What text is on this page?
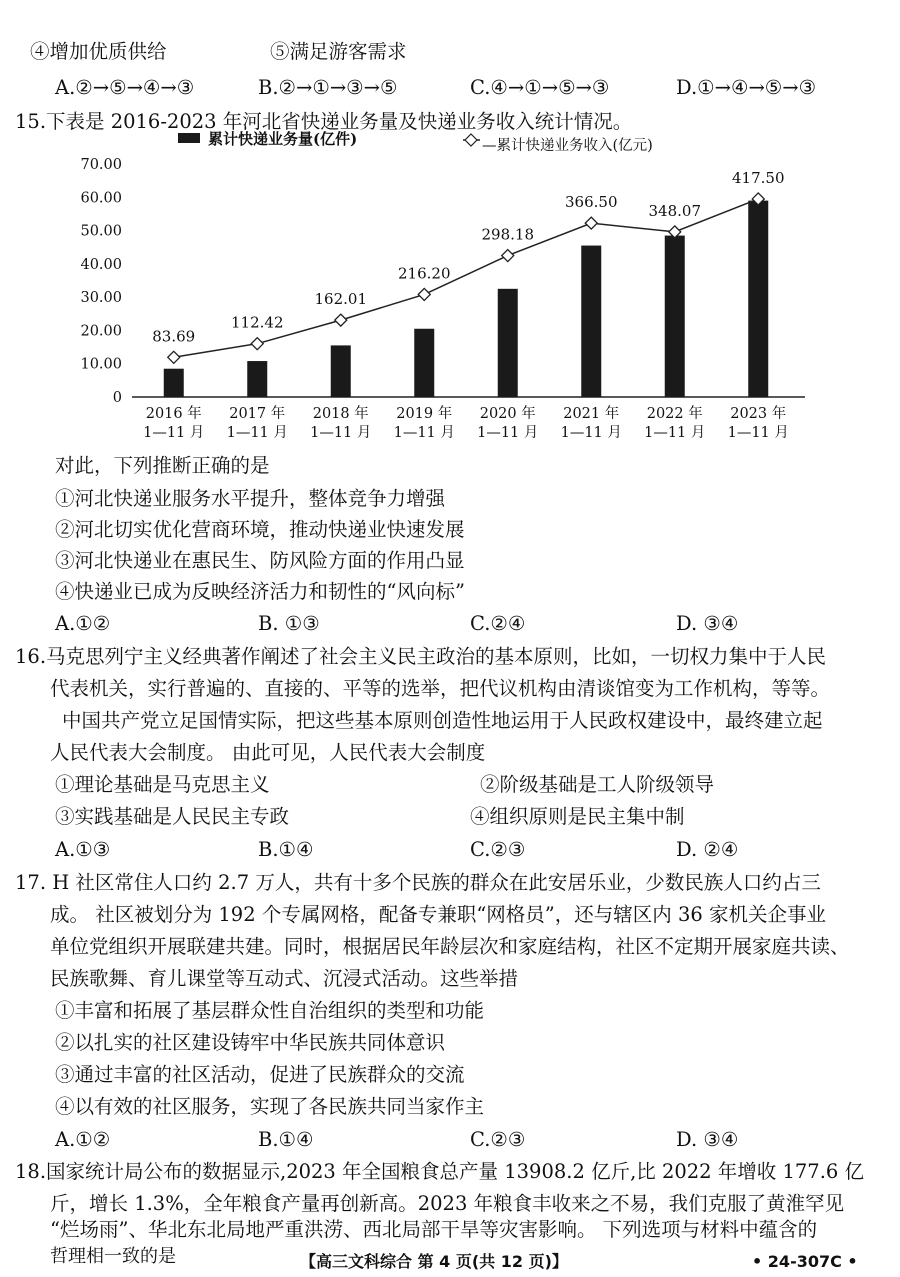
④增加优质供给	⑤满足游客需求
A.②→⑤→④→③	B.②→①→③→⑤	C.④→①→⑤→③	D.①→④→⑤→③
15.下表是 2016-2023 年河北省快递业务量及快递业务收入统计情况。
累计快递业务量(亿件)	—累计快递业务收入(亿元)
0
10.00
20.00
30.00
40.00
50.00
60.00
70.00
83.69
112.42
162.01
216.20
298.18
366.50 348.07
417.50
2016 年
1—11 月
2017 年
1—11 月
2018 年
1—11 月
2019 年
1—11 月
2020 年
1—11 月
2021 年
1—11 月
2022 年
1—11 月
2023 年
1—11 月
对此，下列推断正确的是
①河北快递业服务水平提升，整体竞争力增强
②河北切实优化营商环境，推动快递业快速发展
③河北快递业在惠民生、防风险方面的作用凸显
④快递业已成为反映经济活力和韧性的“风向标”
A.①②	B. ①③	C.②④	D. ③④
16.马克思列宁主义经典著作阐述了社会主义民主政治的基本原则，比如，一切权力集中于人民
代表机关，实行普遍的、直接的、平等的选举，把代议机构由清谈馆变为工作机构，等等。
中国共产党立足国情实际，把这些基本原则创造性地运用于人民政权建设中，最终建立起
人民代表大会制度。 由此可见，人民代表大会制度
①理论基础是马克思主义	②阶级基础是工人阶级领导
③实践基础是人民民主专政	④组织原则是民主集中制
A.①③	B.①④	C.②③	D. ②④
17. H 社区常住人口约 2.7 万人，共有十多个民族的群众在此安居乐业，少数民族人口约占三
成。 社区被划分为 192 个专属网格，配备专兼职“网格员”，还与辖区内 36 家机关企事业
单位党组织开展联建共建。同时，根据居民年龄层次和家庭结构，社区不定期开展家庭共读、
民族歌舞、育儿课堂等互动式、沉浸式活动。这些举措
①丰富和拓展了基层群众性自治组织的类型和功能
②以扎实的社区建设铸牢中华民族共同体意识
③通过丰富的社区活动，促进了民族群众的交流
④以有效的社区服务，实现了各民族共同当家作主
A.①②	B.①④	C.②③	D. ③④
18.国家统计局公布的数据显示,2023 年全国粮食总产量 13908.2 亿斤,比 2022 年增收 177.6 亿
斤，增长 1.3%，全年粮食产量再创新高。2023 年粮食丰收来之不易，我们克服了黄淮罕见
“烂场雨”、华北东北局地严重洪涝、西北局部干旱等灾害影响。 下列选项与材料中蕴含的
哲理相一致的是	【高三文科综合 第 4 页(共 12 页)】	• 24-307C •
